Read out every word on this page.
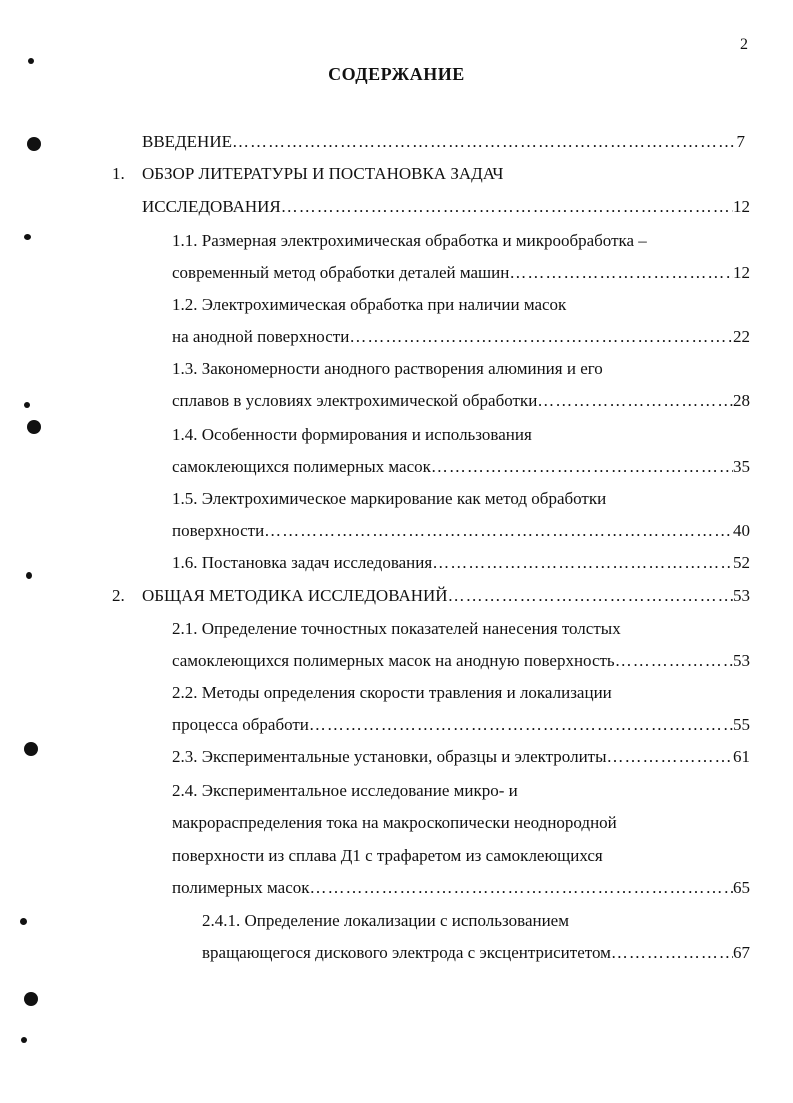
2
СОДЕРЖАНИЕ
ВВЕДЕНИЕ …………………………………………………………………………………………………………………………………………………………	7
1. ОБЗОР ЛИТЕРАТУРЫ И ПОСТАНОВКА ЗАДАЧ
ИССЛЕДОВАНИЯ …………………………………………………………………………………………………………………………………………………………	12
1.1. Размерная электрохимическая обработка и микрообработка –
современный метод обработки деталей машин …………………………………………………………………………………………………………………………………………………………	12
1.2. Электрохимическая обработка при наличии масок
на анодной поверхности …………………………………………………………………………………………………………………………………………………………	22
1.3. Закономерности анодного растворения алюминия и его
сплавов в условиях электрохимической обработки …………………………………………………………………………………………………………………………………………………………	28
1.4. Особенности формирования и использования
самоклеющихся полимерных масок …………………………………………………………………………………………………………………………………………………………	35
1.5. Электрохимическое маркирование как метод обработки
поверхности …………………………………………………………………………………………………………………………………………………………	40
1.6. Постановка задач исследования …………………………………………………………………………………………………………………………………………………………	52
2. ОБЩАЯ МЕТОДИКА ИССЛЕДОВАНИЙ …………………………………………………………………………………………………………………………………………………………	53
2.1. Определение точностных показателей нанесения толстых
самоклеющихся полимерных масок на анодную поверхность …………………………………………………………………………………………………………………………………………………………	53
2.2. Методы определения скорости травления и локализации
процесса обработи …………………………………………………………………………………………………………………………………………………………	55
2.3. Экспериментальные установки, образцы и электролиты …………………………………………………………………………………………………………………………………………………………	61
2.4. Экспериментальное исследование микро- и
макрораспределения тока на макроскопически неоднородной
поверхности из сплава Д1 с трафаретом из самоклеющихся
полимерных масок …………………………………………………………………………………………………………………………………………………………	65
2.4.1. Определение локализации с использованием
вращающегося дискового электрода с эксцентриситетом …………………………………………………………………………………………………………………………………………………………	67
